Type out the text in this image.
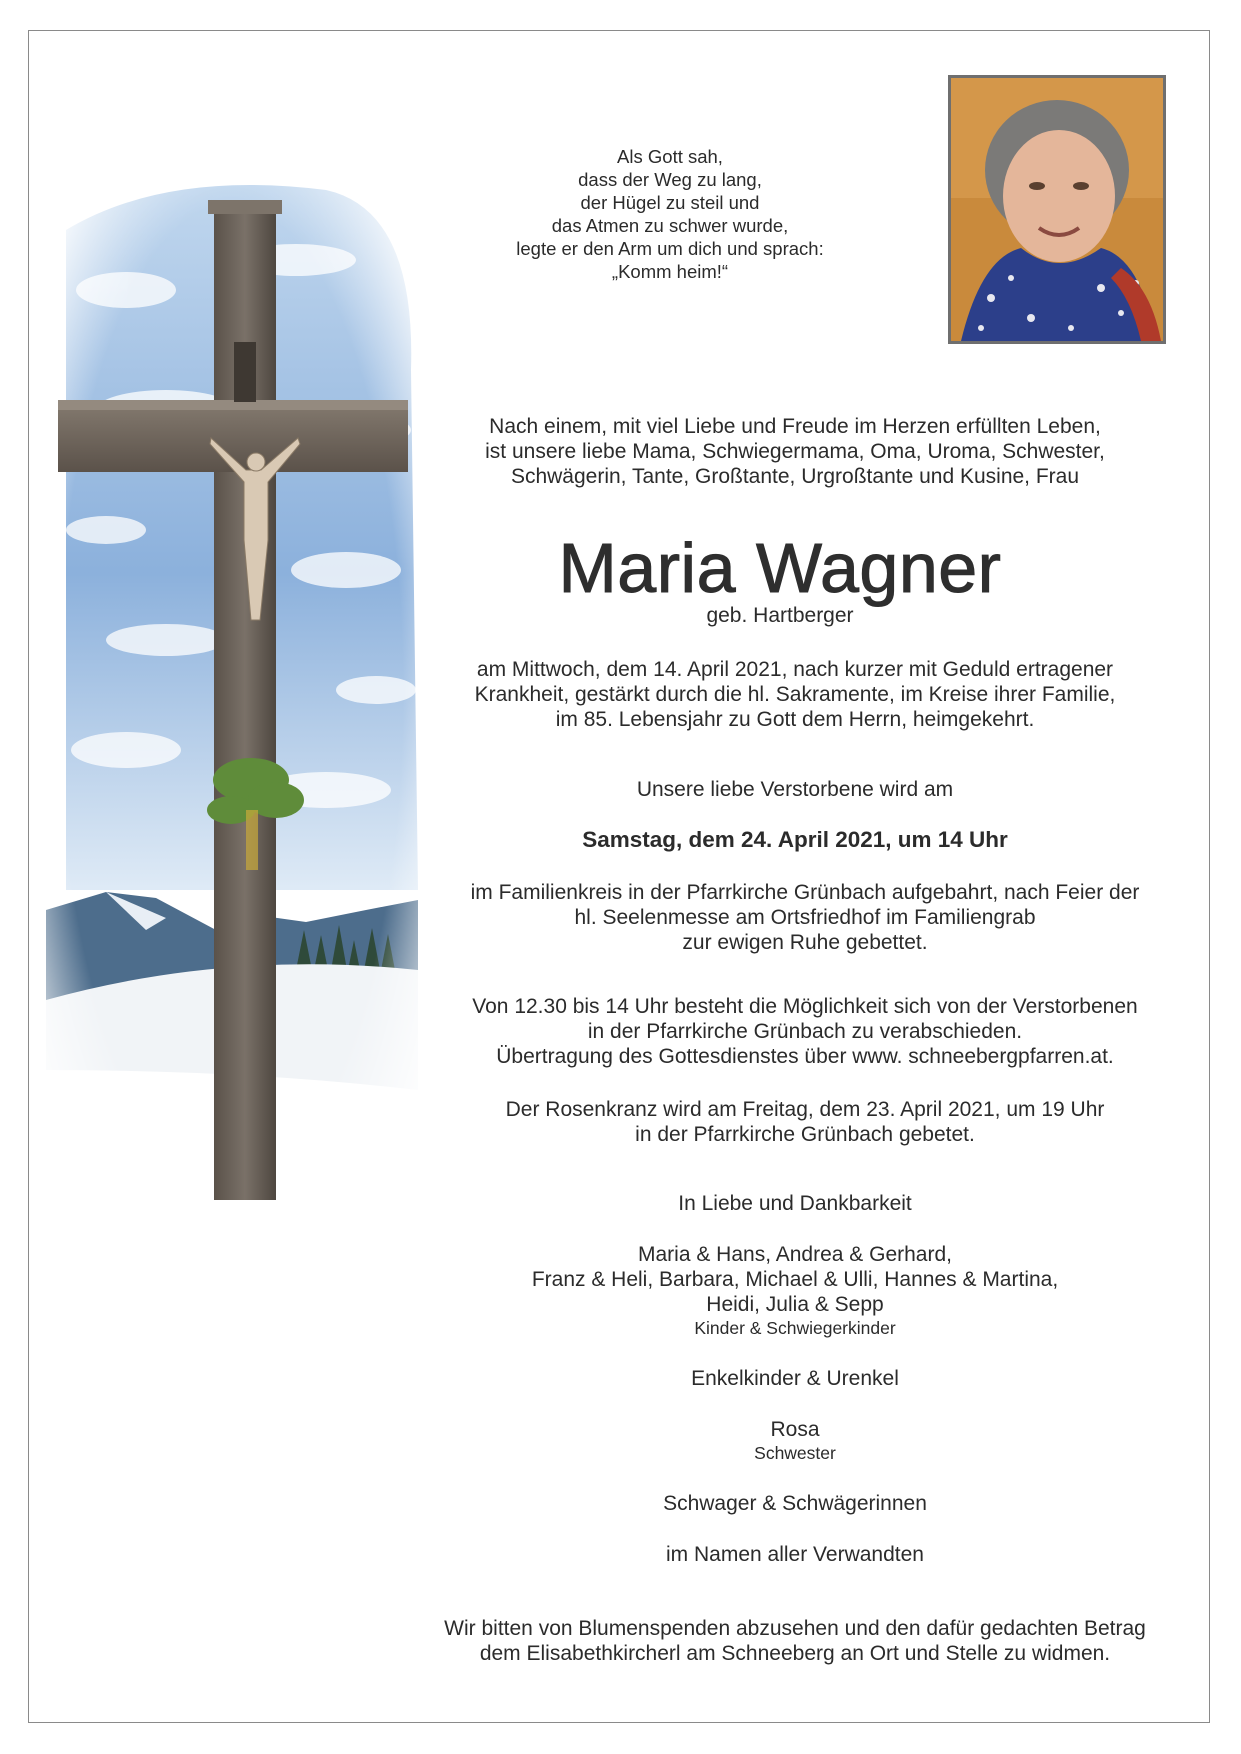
Als Gott sah,
dass der Weg zu lang,
der Hügel zu steil und
das Atmen zu schwer wurde,
legte er den Arm um dich und sprach:
„Komm heim!“
Nach einem, mit viel Liebe und Freude im Herzen erfüllten Leben,
ist unsere liebe Mama, Schwiegermama, Oma, Uroma, Schwester,
Schwägerin, Tante, Großtante, Urgroßtante und Kusine, Frau
Maria Wagner
geb. Hartberger
am Mittwoch, dem 14. April 2021, nach kurzer mit Geduld ertragener
Krankheit, gestärkt durch die hl. Sakramente, im Kreise ihrer Familie,
im 85. Lebensjahr zu Gott dem Herrn, heimgekehrt.
Unsere liebe Verstorbene wird am
Samstag, dem 24. April 2021, um 14 Uhr
im Familienkreis in der Pfarrkirche Grünbach aufgebahrt, nach Feier der
hl. Seelenmesse am Ortsfriedhof im Familiengrab
zur ewigen Ruhe gebettet.
Von 12.30 bis 14 Uhr besteht die Möglichkeit sich von der Verstorbenen
in der Pfarrkirche Grünbach zu verabschieden.
Übertragung des Gottesdienstes über www. schneebergpfarren.at.
Der Rosenkranz wird am Freitag, dem 23. April 2021, um 19 Uhr
in der Pfarrkirche Grünbach gebetet.
In Liebe und Dankbarkeit
Maria & Hans, Andrea & Gerhard,
Franz & Heli, Barbara, Michael & Ulli, Hannes & Martina,
Heidi, Julia & Sepp
Kinder & Schwiegerkinder
Enkelkinder & Urenkel
Rosa
Schwester
Schwager & Schwägerinnen
im Namen aller Verwandten
Wir bitten von Blumenspenden abzusehen und den dafür gedachten Betrag
dem Elisabethkircherl am Schneeberg an Ort und Stelle zu widmen.
